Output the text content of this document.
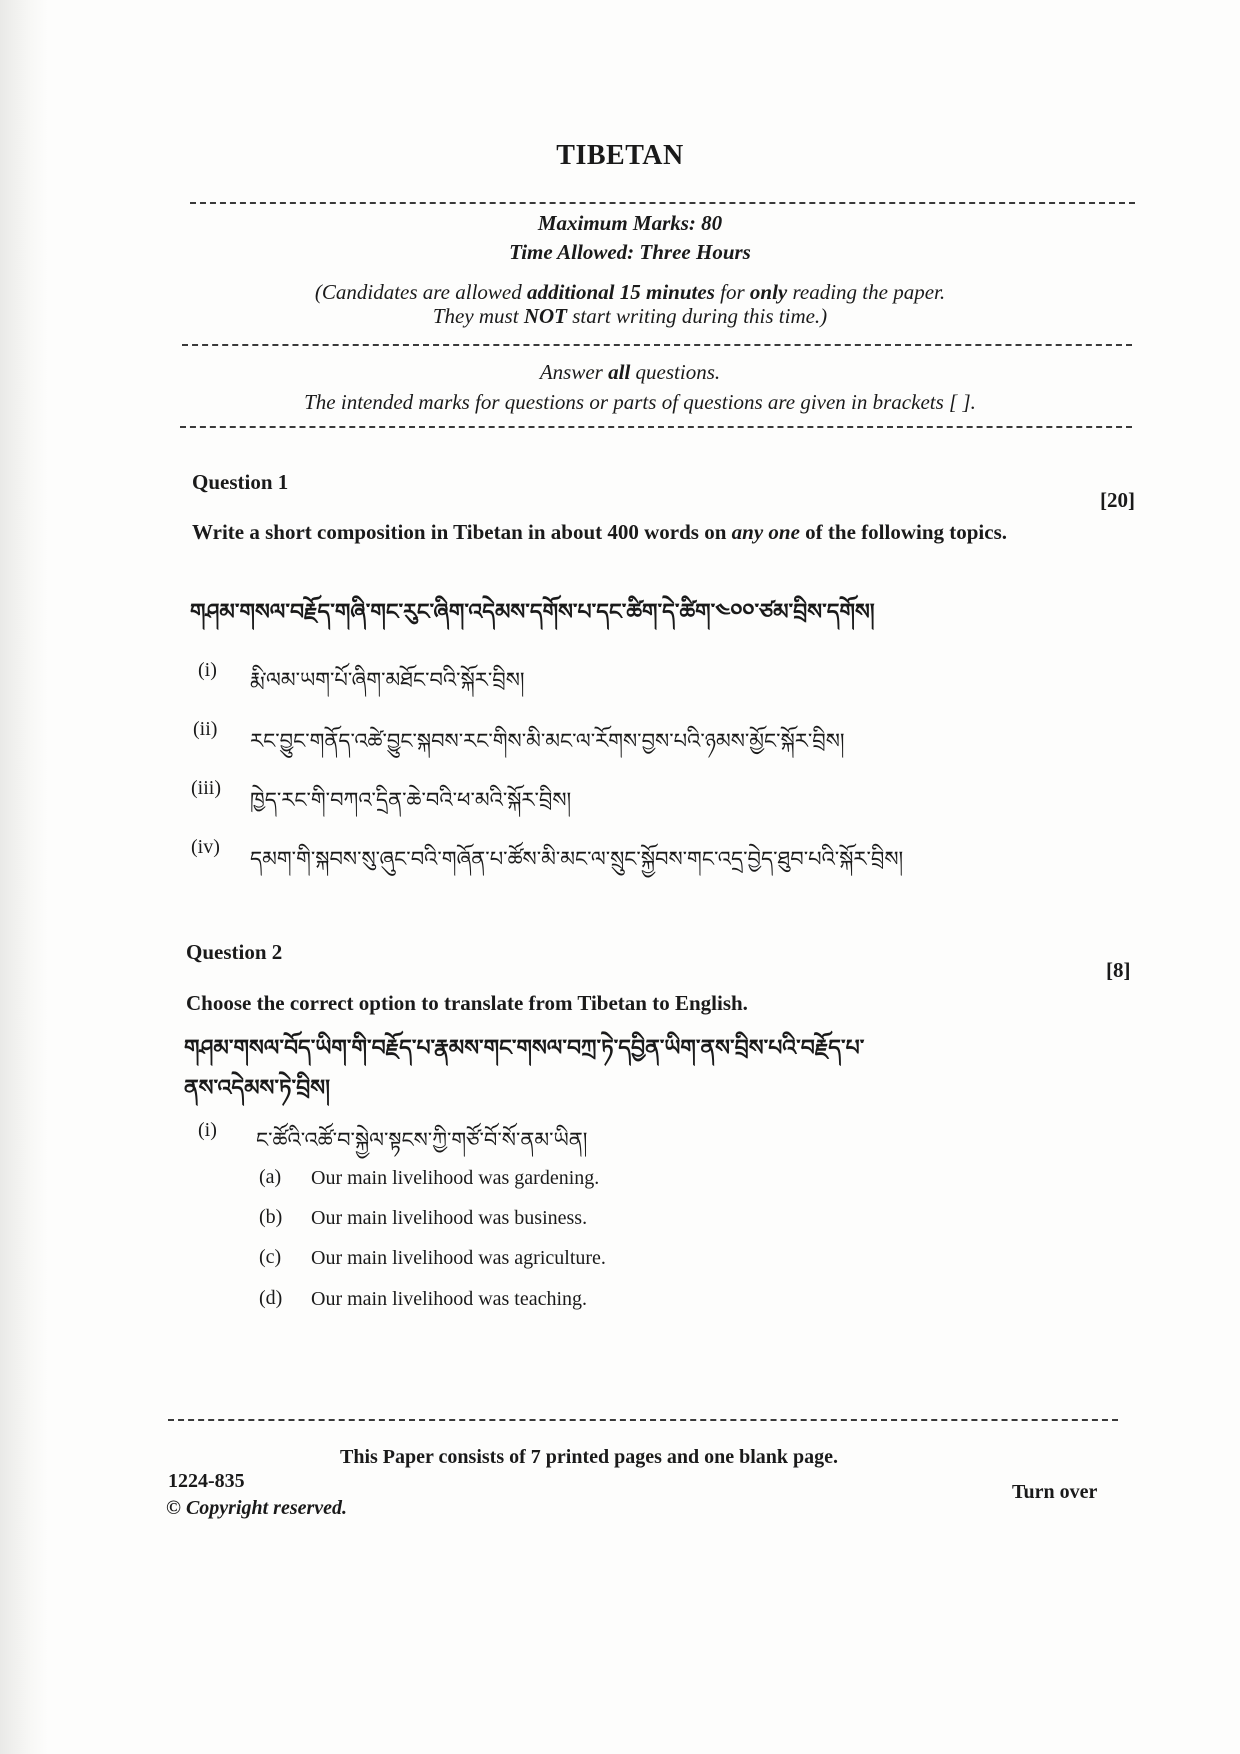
TIBETAN
Maximum Marks: 80
Time Allowed: Three Hours
(Candidates are allowed additional 15 minutes for only reading the paper.
They must NOT start writing during this time.)
Answer all questions.
The intended marks for questions or parts of questions are given in brackets [ ].
Question 1
[20]
Write a short composition in Tibetan in about 400 words on any one of the following topics.
གཤམ་གསལ་བརྗོད་གཞི་གང་རུང་ཞིག་འདེམས་དགོས་པ་དང་ཚིག་དེ་ཚིག་༤༠༠་ཙམ་བྲིས་དགོས།
(i) རྨི་ལམ་ཡག་པོ་ཞིག་མཐོང་བའི་སྐོར་བྲིས།
(ii) རང་བྱུང་གནོད་འཚེ་བྱུང་སྐབས་རང་གིས་མི་མང་ལ་རོགས་བྱས་པའི་ཉམས་མྱོང་སྐོར་བྲིས།
(iii) ཁྱེད་རང་གི་བཀའ་དྲིན་ཆེ་བའི་ཕ་མའི་སྐོར་བྲིས།
(iv) དམག་གི་སྐབས་སུ་ཞུང་བའི་གཞོན་པ་ཚོས་མི་མང་ལ་སྲུང་སྐྱོབས་གང་འདྲ་བྱེད་ཐུབ་པའི་སྐོར་བྲིས།
Question 2
[8]
Choose the correct option to translate from Tibetan to English.
གཤམ་གསལ་བོད་ཡིག་གི་བརྗོད་པ་རྣམས་གང་གསལ་བཀྲ་ཏེ་དབྱིན་ཡིག་ནས་བྲིས་པའི་བརྗོད་པ་
ནས་འདེམས་ཏེ་བྲིས།
(i) ང་ཚོའི་འཚོ་བ་སྐྱེལ་སྟངས་ཀྱི་གཙོ་བོ་སོ་ནམ་ཡིན།
(a) Our main livelihood was gardening.
(b) Our main livelihood was business.
(c) Our main livelihood was agriculture.
(d) Our main livelihood was teaching.
This Paper consists of 7 printed pages and one blank page.
1224-835
© Copyright reserved.
Turn over
